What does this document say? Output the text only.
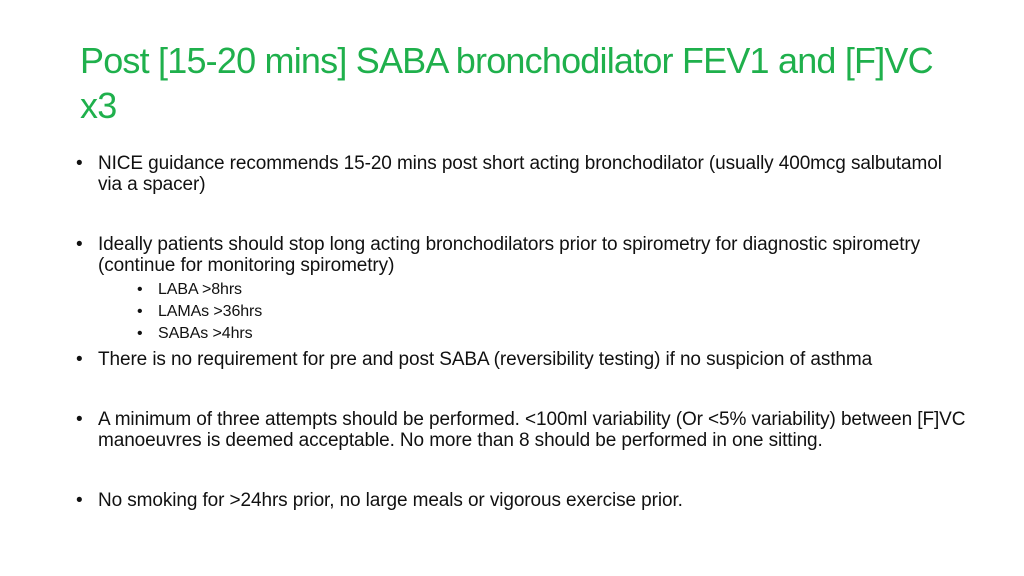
Post [15-20 mins] SABA bronchodilator FEV1 and [F]VC x3
• NICE guidance recommends 15-20 mins post short acting bronchodilator (usually 400mcg salbutamol via a spacer)
• Ideally patients should stop long acting bronchodilators prior to spirometry for diagnostic spirometry (continue for monitoring spirometry)
• LABA >8hrs
• LAMAs >36hrs
• SABAs >4hrs
• There is no requirement for pre and post SABA (reversibility testing) if no suspicion of asthma
• A minimum of three attempts should be performed. <100ml variability (Or <5% variability) between [F]VC manoeuvres is deemed acceptable. No more than 8 should be performed in one sitting.
• No smoking for >24hrs prior, no large meals or vigorous exercise prior.
